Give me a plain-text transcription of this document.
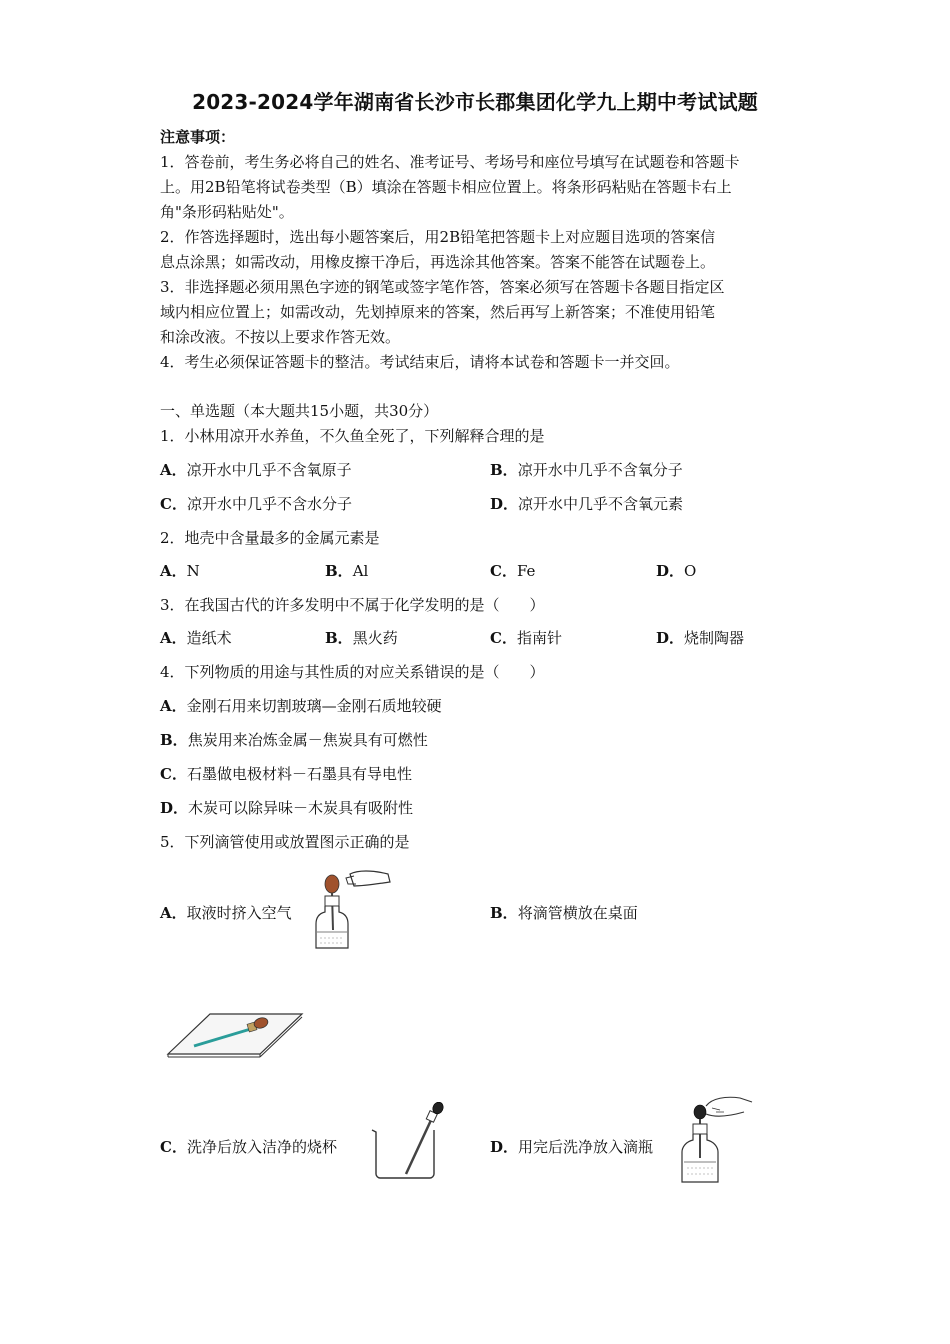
2023-2024学年湖南省长沙市长郡集团化学九上期中考试试题
注意事项：
1．答卷前，考生务必将自己的姓名、准考证号、考场号和座位号填写在试题卷和答题卡
上。用2B铅笔将试卷类型（B）填涂在答题卡相应位置上。将条形码粘贴在答题卡右上
角"条形码粘贴处"。
2．作答选择题时，选出每小题答案后，用2B铅笔把答题卡上对应题目选项的答案信
息点涂黑；如需改动，用橡皮擦干净后，再选涂其他答案。答案不能答在试题卷上。
3．非选择题必须用黑色字迹的钢笔或签字笔作答，答案必须写在答题卡各题目指定区
域内相应位置上；如需改动，先划掉原来的答案，然后再写上新答案；不准使用铅笔
和涂改液。不按以上要求作答无效。
4．考生必须保证答题卡的整洁。考试结束后，请将本试卷和答题卡一并交回。
一、单选题（本大题共15小题，共30分）
1．小林用凉开水养鱼，不久鱼全死了，下列解释合理的是
A．凉开水中几乎不含氧原子	B．凉开水中几乎不含氧分子
C．凉开水中几乎不含水分子	D．凉开水中几乎不含氧元素
2．地壳中含量最多的金属元素是
A．N	B．Al	C．Fe	D．O
3．在我国古代的许多发明中不属于化学发明的是（　　）
A．造纸术	B．黑火药	C．指南针	D．烧制陶器
4．下列物质的用途与其性质的对应关系错误的是（　　）
A．金刚石用来切割玻璃—金刚石质地较硬
B．焦炭用来冶炼金属－焦炭具有可燃性
C．石墨做电极材料－石墨具有导电性
D．木炭可以除异味－木炭具有吸附性
5．下列滴管使用或放置图示正确的是
A．取液时挤入空气	B．将滴管横放在桌面
C．洗净后放入洁净的烧杯	D．用完后洗净放入滴瓶
